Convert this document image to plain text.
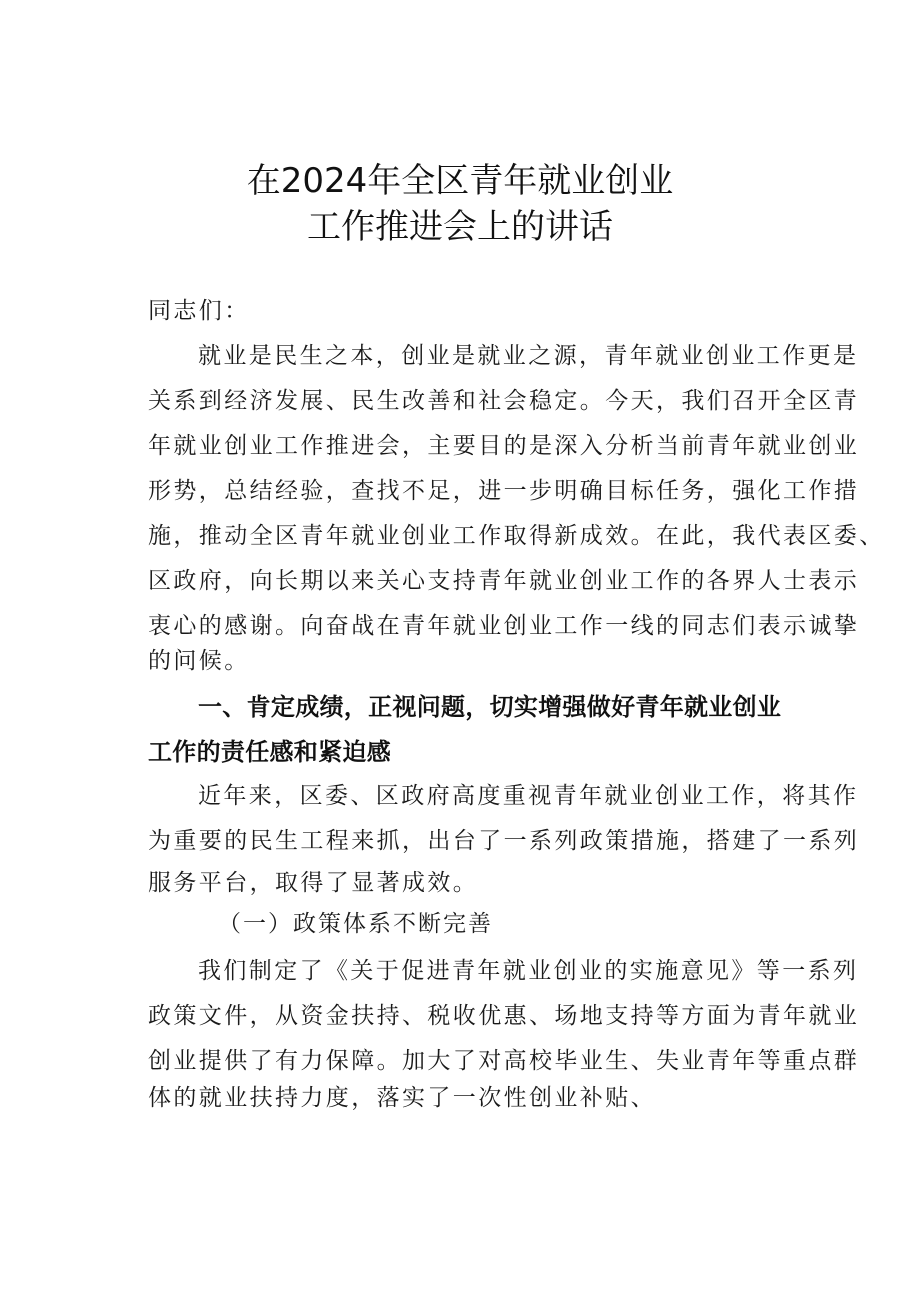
在2024年全区青年就业创业
工作推进会上的讲话
同志们：
就业是民生之本，创业是就业之源，青年就业创业工作更是
关系到经济发展、民生改善和社会稳定。今天，我们召开全区青
年就业创业工作推进会，主要目的是深入分析当前青年就业创业
形势，总结经验，查找不足，进一步明确目标任务，强化工作措
施，推动全区青年就业创业工作取得新成效。在此，我代表区委、
区政府，向长期以来关心支持青年就业创业工作的各界人士表示
衷心的感谢。向奋战在青年就业创业工作一线的同志们表示诚挚
的问候。
一、肯定成绩，正视问题，切实增强做好青年就业创业
工作的责任感和紧迫感
近年来，区委、区政府高度重视青年就业创业工作，将其作
为重要的民生工程来抓，出台了一系列政策措施，搭建了一系列
服务平台，取得了显著成效。
（一）政策体系不断完善
我们制定了《关于促进青年就业创业的实施意见》等一系列
政策文件，从资金扶持、税收优惠、场地支持等方面为青年就业
创业提供了有力保障。加大了对高校毕业生、失业青年等重点群
体的就业扶持力度，落实了一次性创业补贴、
